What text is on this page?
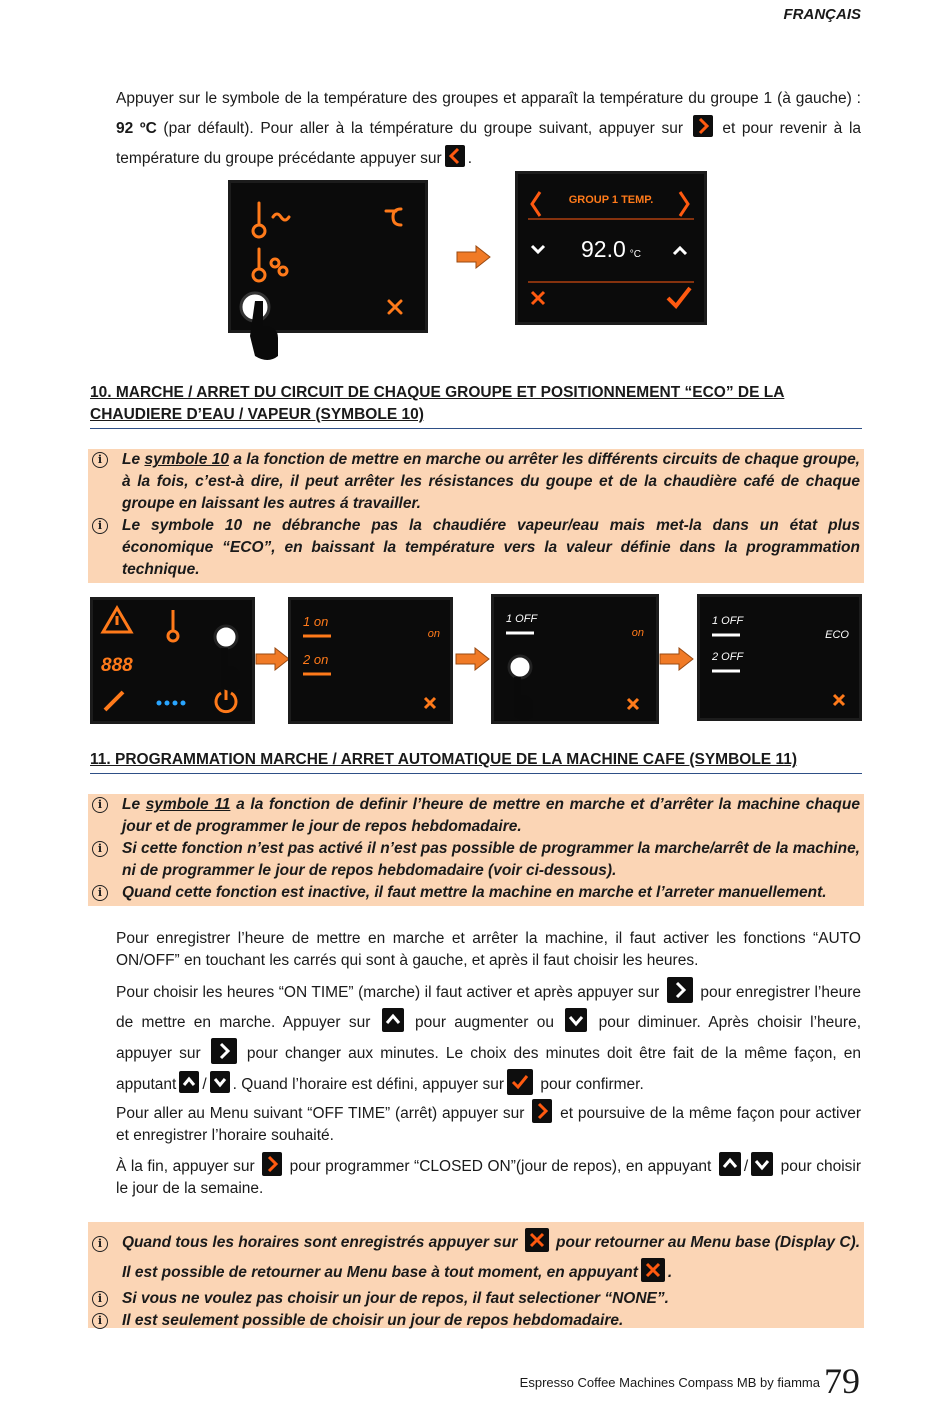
FRANÇAIS
Appuyer sur le symbole de la température des groupes et apparaît la température du groupe 1 (à gauche) : 92 ºC (par défault). Pour aller à la témpérature du groupe suivant, appuyer sur
et pour revenir à la température du groupe précédante appuyer sur .
GROUP 1 TEMP.
92.0 °C
10. MARCHE / ARRET DU CIRCUIT DE CHAQUE GROUPE ET POSITIONNEMENT “ECO” DE LA CHAUDIERE D’EAU / VAPEUR (SYMBOLE 10)
i	Le symbole 10 a la fonction de mettre en marche ou arrêter les différents circuits de chaque groupe, à la fois, c’est-à dire, il peut arrêter les résistances du goupe et de la chaudière café de chaque groupe en laissant les autres á travailler.
i	Le symbole 10 ne débranche pas la chaudiére vapeur/eau mais met-la dans un état plus économique “ECO”, en baissant la température vers la valeur définie dans la programmation technique.
888
1 on
2 on
on
1 OFF
on
1 OFF
2 OFF
ECO
11. PROGRAMMATION MARCHE / ARRET AUTOMATIQUE DE LA MACHINE CAFE (SYMBOLE 11)
i	Le symbole 11 a la fonction de definir l’heure de mettre en marche et d’arrêter la machine chaque jour et de programmer le jour de repos hebdomadaire.
i	Si cette fonction n’est pas activé il n’est pas possible de programmer la marche/arrêt de la machine, ni de programmer le jour de repos hebdomadaire (voir ci-dessous).
i	Quand cette fonction est inactive, il faut mettre la machine en marche et l’arreter manuellement.
Pour enregistrer l’heure de mettre en marche et arrêter la machine, il faut activer les fonctions “AUTO ON/OFF” en touchant les carrés qui sont à gauche, et après il faut choisir les heures.
Pour choisir les heures “ON TIME” (marche) il faut activer et après appuyer sur
pour enregistrer l’heure de mettre en marche. Appuyer sur
pour augmenter ou
pour diminuer. Après choisir l’heure, appuyer sur
pour changer aux minutes. Le choix des minutes doit être fait de la même façon, en apputant / . Quand l’horaire est défini, appuyer sur
pour confirmer.
Pour aller au Menu suivant “OFF TIME” (arrêt) appuyer sur
et poursuive de la même façon pour activer et enregistrer l’horaire souhaité.
À la fin, appuyer sur
pour programmer “CLOSED ON”(jour de repos), en appuyant
/
pour choisir le jour de la semaine.
i	Quand tous les horaires sont enregistrés appuyer sur
pour retourner au Menu base (Display C). Il est possible de retourner au Menu base à tout moment, en appuyant .
i	Si vous ne voulez pas choisir un jour de repos, il faut selectioner “NONE”.
i	Il est seulement possible de choisir un jour de repos hebdomadaire.
Espresso Coffee Machines Compass MB by fiamma 79
